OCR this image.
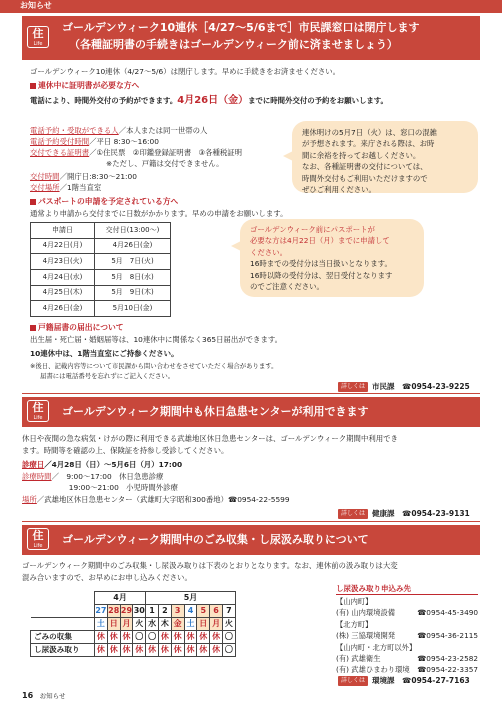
お知らせ
住
Life
ゴールデンウィーク10連休［4/27〜5/6まで］市民課窓口は閉庁します
（各種証明書の手続きはゴールデンウィーク前に済ませましょう）
ゴールデンウィーク10連休（4/27〜5/6）は閉庁します。早めに手続きをお済ませください。
連休中に証明書が必要な方へ
電話により、時間外交付の予約ができます。4月26日（金）までに時間外交付の予約をお願いします。
電話予約・受取ができる人／本人または同一世帯の人
電話予約受付時間／平日 8:30〜16:00
交付できる証明書／①住民票　②印鑑登録証明書　③各種税証明
※ただし、戸籍は交付できません。
交付時間／開庁日:8:30〜21:00
交付場所／1階当直室
連休明けの5月7日（火）は、窓口の混雑
が予想されます。来庁される際は、お時
間に余裕を持ってお越しください。
なお、各種証明書の交付については、
時間外交付もご利用いただけますので
ぜひご利用ください。
パスポートの申請を予定されている方へ
通常より申請から交付までに日数がかかります。早めの申請をお願いします。
申請日	交付日(13:00〜)
4月22日(月)	4月26日(金)
4月23日(火)	5月　7日(火)
4月24日(水)	5月　8日(水)
4月25日(木)	5月　9日(木)
4月26日(金)	5月10日(金)
ゴールデンウィーク前にパスポートが
必要な方は4月22日（月）までに申請して
ください。
16時までの受付分は当日扱いとなります。
16時以降の受付分は、翌日受付となります
のでご注意ください。
戸籍届書の届出について
出生届・死亡届・婚姻届等は、10連休中に関係なく365日届出ができます。
10連休中は、1階当直室にご持参ください。
※後日、記載内容等について市民課から問い合わせをさせていただく場合があります。
届書には電話番号を忘れずにご記入ください。
詳しくは 市民課　 ☎0954-23-9225
住
Life	ゴールデンウィーク期間中も休日急患センターが利用できます
休日や夜間の急な病気・けがの際に利用できる武雄地区休日急患センターは、ゴールデンウィーク期間中利用でき
ます。時間等を確認の上、保険証を持参し受診してください。
診療日／4月28日（日）〜5月6日（月）17:00
診療時間／　9:00〜17:00　休日急患診療
　　19:00〜21:00　小児時間外診療
場所／武雄地区休日急患センター（武雄町大字昭和300番地）☎0954-22-5599
詳しくは 健康課　 ☎0954-23-9131
住
Life	ゴールデンウィーク期間中のごみ収集・し尿汲み取りについて
ゴールデンウィーク期間中のごみ収集・し尿汲み取りは下表のとおりとなります。なお、連休前の汲み取りは大変
混み合いますので、お早めにお申し込みください。
	4月				5月						
	27	28	29	30	1	2	3	4	5	6	7
	土	日	月	火	水	木	金	土	日	月	火
ごみの収集	休	休	休	〇	〇	休	休	休	休	休	〇
し尿汲み取り	休	休	休	休	休	休	休	休	休	休	〇
し尿汲み取り申込み先
【山内町】
(有) 山内環境設備	☎0954-45-3490
【北方町】
(株) 三協環境開発	☎0954-36-2115
【山内町・北方町以外】
(有) 武雄衛生	☎0954-23-2582
(有) 武雄ひまわり環境 ☎0954-22-3357
詳しくは 環境課　 ☎0954-27-7163
16　 お知らせ
